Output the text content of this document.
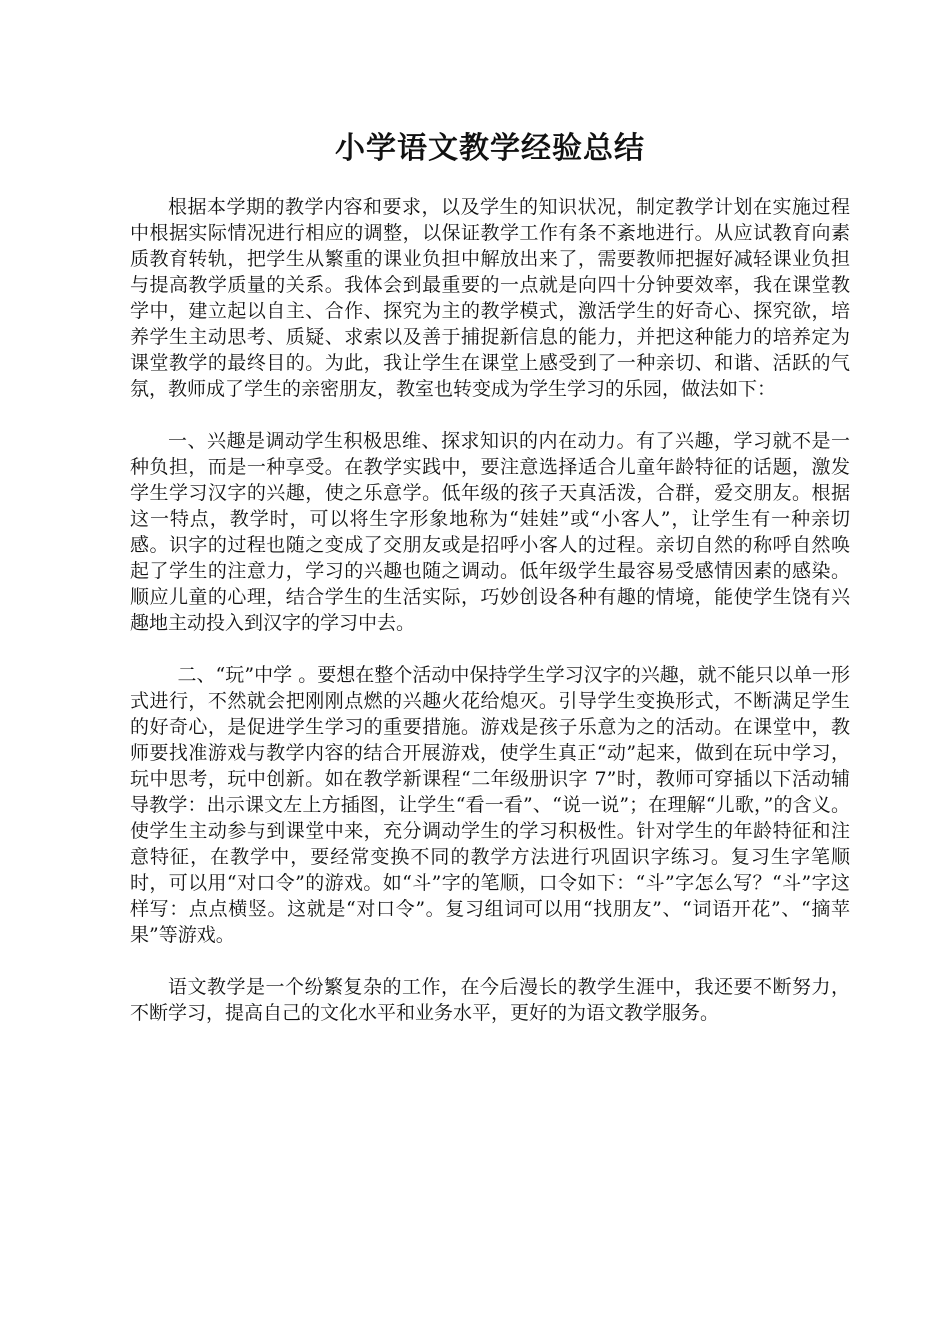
小学语文教学经验总结

根据本学期的教学内容和要求，以及学生的知识状况，制定教学计划在实施过程中根据实际情况进行相应的调整，以保证教学工作有条不紊地进行。从应试教育向素质教育转轨，把学生从繁重的课业负担中解放出来了，需要教师把握好减轻课业负担与提高教学质量的关系。我体会到最重要的一点就是向四十分钟要效率，我在课堂教学中，建立起以自主、合作、探究为主的教学模式，激活学生的好奇心、探究欲，培养学生主动思考、质疑、求索以及善于捕捉新信息的能力，并把这种能力的培养定为课堂教学的最终目的。为此，我让学生在课堂上感受到了一种亲切、和谐、活跃的气氛，教师成了学生的亲密朋友，教室也转变成为学生学习的乐园，做法如下：

一、兴趣是调动学生积极思维、探求知识的内在动力。有了兴趣，学习就不是一种负担，而是一种享受。在教学实践中，要注意选择适合儿童年龄特征的话题，激发学生学习汉字的兴趣，使之乐意学。低年级的孩子天真活泼，合群，爱交朋友。根据这一特点，教学时，可以将生字形象地称为“娃娃”或“小客人”，让学生有一种亲切感。识字的过程也随之变成了交朋友或是招呼小客人的过程。亲切自然的称呼自然唤起了学生的注意力，学习的兴趣也随之调动。低年级学生最容易受感情因素的感染。顺应儿童的心理，结合学生的生活实际，巧妙创设各种有趣的情境，能使学生饶有兴趣地主动投入到汉字的学习中去。

二、“玩”中学 。要想在整个活动中保持学生学习汉字的兴趣，就不能只以单一形式进行，不然就会把刚刚点燃的兴趣火花给熄灭。引导学生变换形式，不断满足学生的好奇心，是促进学生学习的重要措施。游戏是孩子乐意为之的活动。在课堂中，教师要找准游戏与教学内容的结合开展游戏，使学生真正“动”起来，做到在玩中学习，玩中思考，玩中创新。如在教学新课程“二年级册识字 7”时，教师可穿插以下活动辅导教学：出示课文左上方插图，让学生“看一看”、“说一说”；在理解“儿歌，”的含义。使学生主动参与到课堂中来，充分调动学生的学习积极性。针对学生的年龄特征和注意特征，在教学中，要经常变换不同的教学方法进行巩固识字练习。复习生字笔顺时，可以用“对口令”的游戏。如“斗”字的笔顺，口令如下：“斗”字怎么写？“斗”字这样写：点点横竖。这就是“对口令”。复习组词可以用“找朋友”、“词语开花”、“摘苹果”等游戏。

语文教学是一个纷繁复杂的工作，在今后漫长的教学生涯中，我还要不断努力，不断学习，提高自己的文化水平和业务水平，更好的为语文教学服务。
